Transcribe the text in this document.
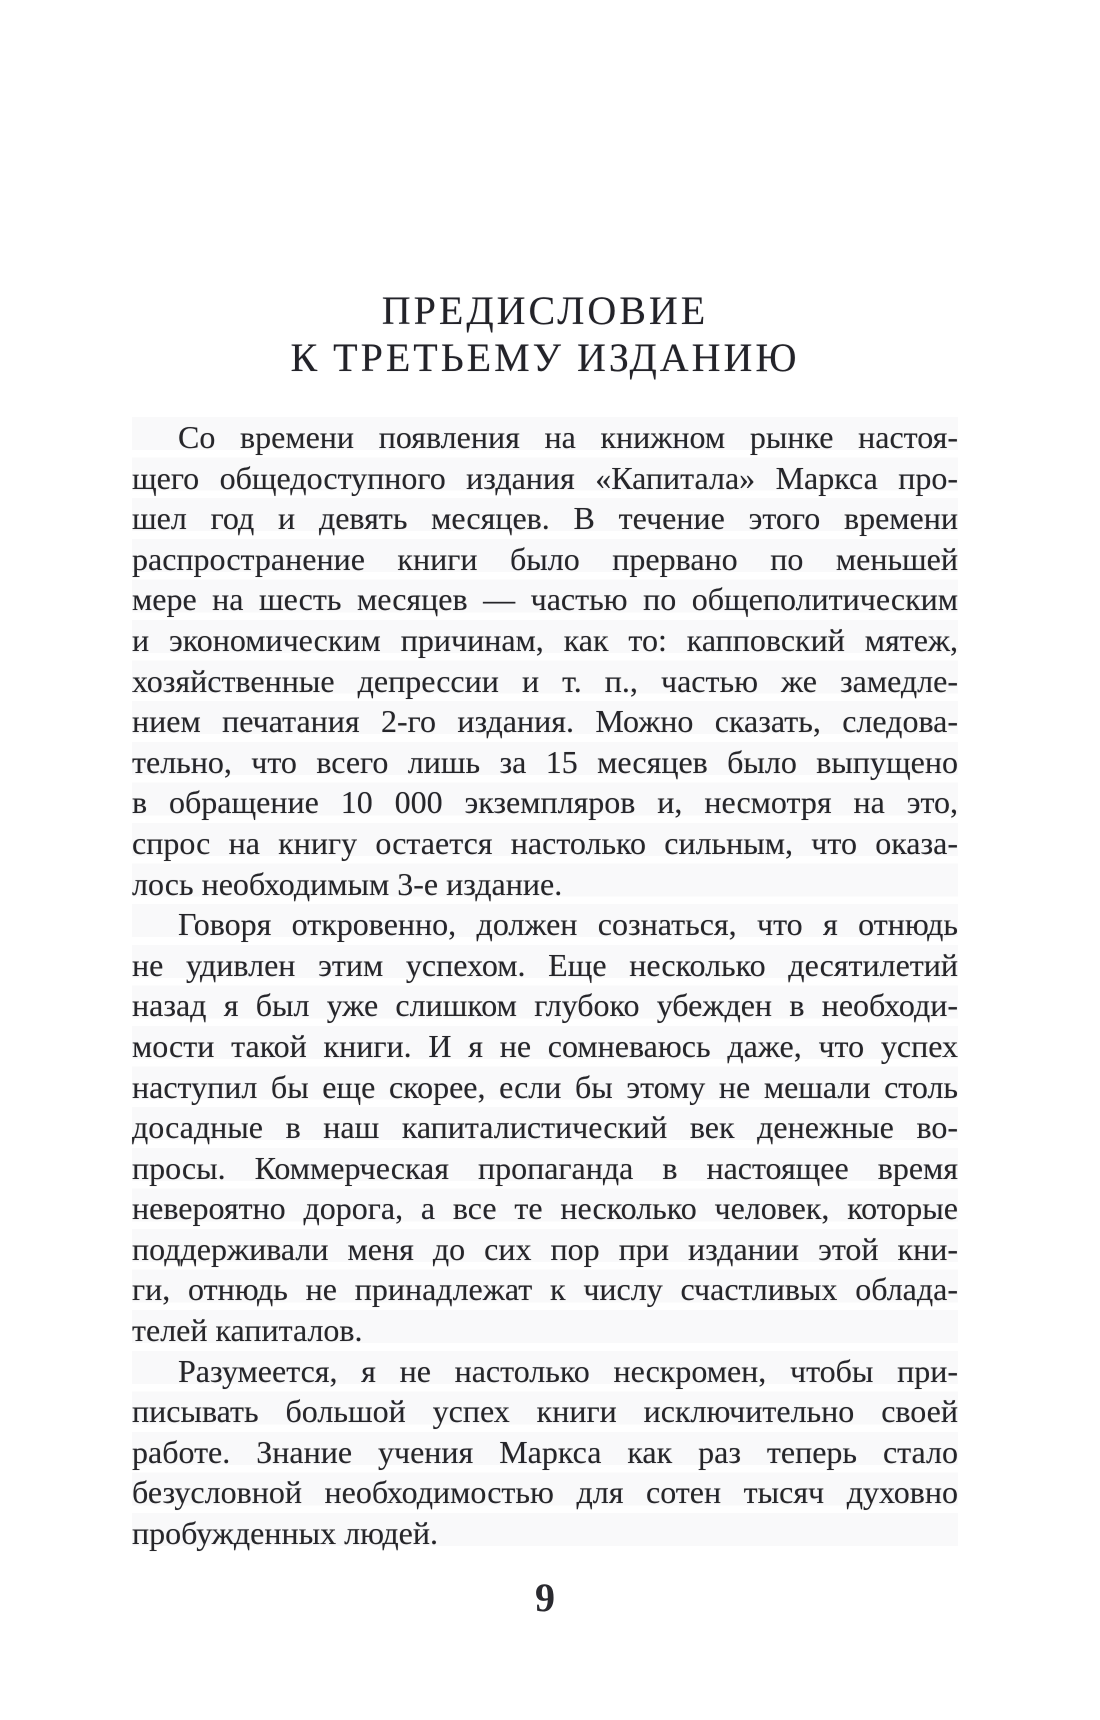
ПРЕДИСЛОВИЕ
К ТРЕТЬЕМУ ИЗДАНИЮ
Со времени появления на книжном рынке настоя-
щего общедоступного издания «Капитала» Маркса про-
шел год и девять месяцев. В течение этого времени
распространение книги было прервано по меньшей
мере на шесть месяцев — частью по общеполитическим
и экономическим причинам, как то: капповский мятеж,
хозяйственные депрессии и т. п., частью же замедле-
нием печатания 2-го издания. Можно сказать, следова-
тельно, что всего лишь за 15 месяцев было выпущено
в обращение 10 000 экземпляров и, несмотря на это,
спрос на книгу остается настолько сильным, что оказа-
лось необходимым 3-е издание.
Говоря откровенно, должен сознаться, что я отнюдь
не удивлен этим успехом. Еще несколько десятилетий
назад я был уже слишком глубоко убежден в необходи-
мости такой книги. И я не сомневаюсь даже, что успех
наступил бы еще скорее, если бы этому не мешали столь
досадные в наш капиталистический век денежные во-
просы. Коммерческая пропаганда в настоящее время
невероятно дорога, а все те несколько человек, которые
поддерживали меня до сих пор при издании этой кни-
ги, отнюдь не принадлежат к числу счастливых облада-
телей капиталов.
Разумеется, я не настолько нескромен, чтобы при-
писывать большой успех книги исключительно своей
работе. Знание учения Маркса как раз теперь стало
безусловной необходимостью для сотен тысяч духовно
пробужденных людей.
9
